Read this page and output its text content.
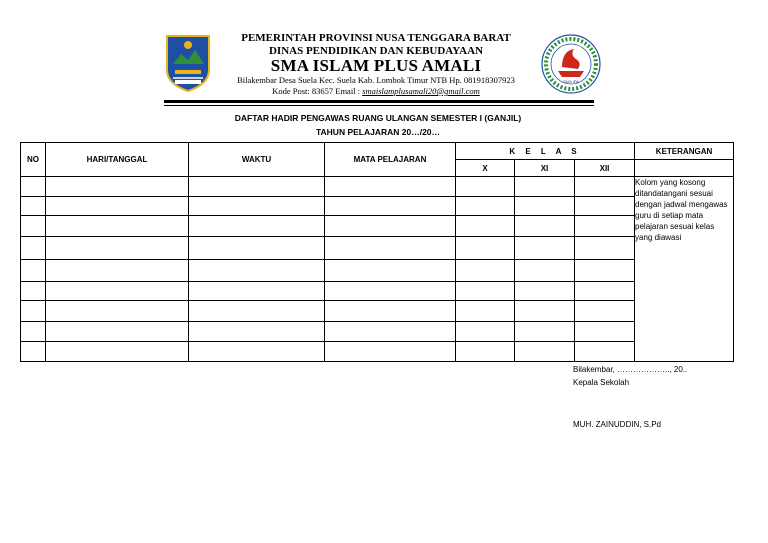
PEMERINTAH PROVINSI NUSA TENGGARA BARAT
DINAS PENDIDIKAN DAN KEBUDAYAAN
SMA ISLAM PLUS AMALI
Bilakembar Desa Suela Kec. Suela Kab. Lombok Timur NTB Hp. 081918307923
Kode Post: 83657 Email : smaislamplusamali20@gmail.com
SMA IPA
DAFTAR HADIR PENGAWAS RUANG ULANGAN SEMESTER I (GANJIL)
TAHUN PELAJARAN 20…/20…
NO	HARI/TANGGAL	WAKTU	MATA PELAJARAN	K E L A S			KETERANGAN
				X	XI	XII	
							Kolom yang kosong ditandatangani sesuai dengan jadwal mengawas guru di setiap mata pelajaran sesuai kelas yang diawasi

Bilakembar, ……………….., 20..
Kepala Sekolah
MUH. ZAINUDDIN, S.Pd
